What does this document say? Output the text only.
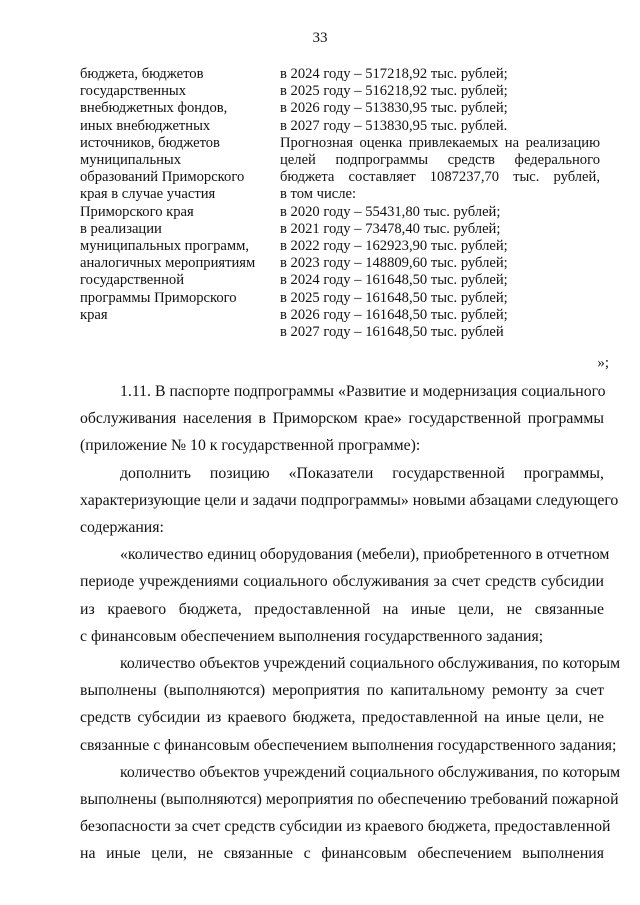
33
бюджета, бюджетов
государственных
внебюджетных фондов,
иных внебюджетных
источников, бюджетов
муниципальных
образований Приморского
края в случае участия
Приморского края
в реализации
муниципальных программ,
аналогичных мероприятиям
государственной
программы Приморского
края
в 2024 году – 517218,92 тыс. рублей;
в 2025 году – 516218,92 тыс. рублей;
в 2026 году – 513830,95 тыс. рублей;
в 2027 году – 513830,95 тыс. рублей.
Прогнозная оценка привлекаемых на реализацию
целей подпрограммы средств федерального
бюджета составляет 1087237,70 тыс. рублей,
в том числе:
в 2020 году – 55431,80 тыс. рублей;
в 2021 году – 73478,40 тыс. рублей;
в 2022 году – 162923,90 тыс. рублей;
в 2023 году – 148809,60 тыс. рублей;
в 2024 году – 161648,50 тыс. рублей;
в 2025 году – 161648,50 тыс. рублей;
в 2026 году – 161648,50 тыс. рублей;
в 2027 году – 161648,50 тыс. рублей
»;
1.11. В паспорте подпрограммы «Развитие и модернизация социального
обслуживания населения в Приморском крае» государственной программы
(приложение № 10 к государственной программе):
дополнить позицию «Показатели государственной программы,
характеризующие цели и задачи подпрограммы» новыми абзацами следующего
содержания:
«количество единиц оборудования (мебели), приобретенного в отчетном
периоде учреждениями социального обслуживания за счет средств субсидии
из краевого бюджета, предоставленной на иные цели, не связанные
с финансовым обеспечением выполнения государственного задания;
количество объектов учреждений социального обслуживания, по которым
выполнены (выполняются) мероприятия по капитальному ремонту за счет
средств субсидии из краевого бюджета, предоставленной на иные цели, не
связанные с финансовым обеспечением выполнения государственного задания;
количество объектов учреждений социального обслуживания, по которым
выполнены (выполняются) мероприятия по обеспечению требований пожарной
безопасности за счет средств субсидии из краевого бюджета, предоставленной
на иные цели, не связанные с финансовым обеспечением выполнения
